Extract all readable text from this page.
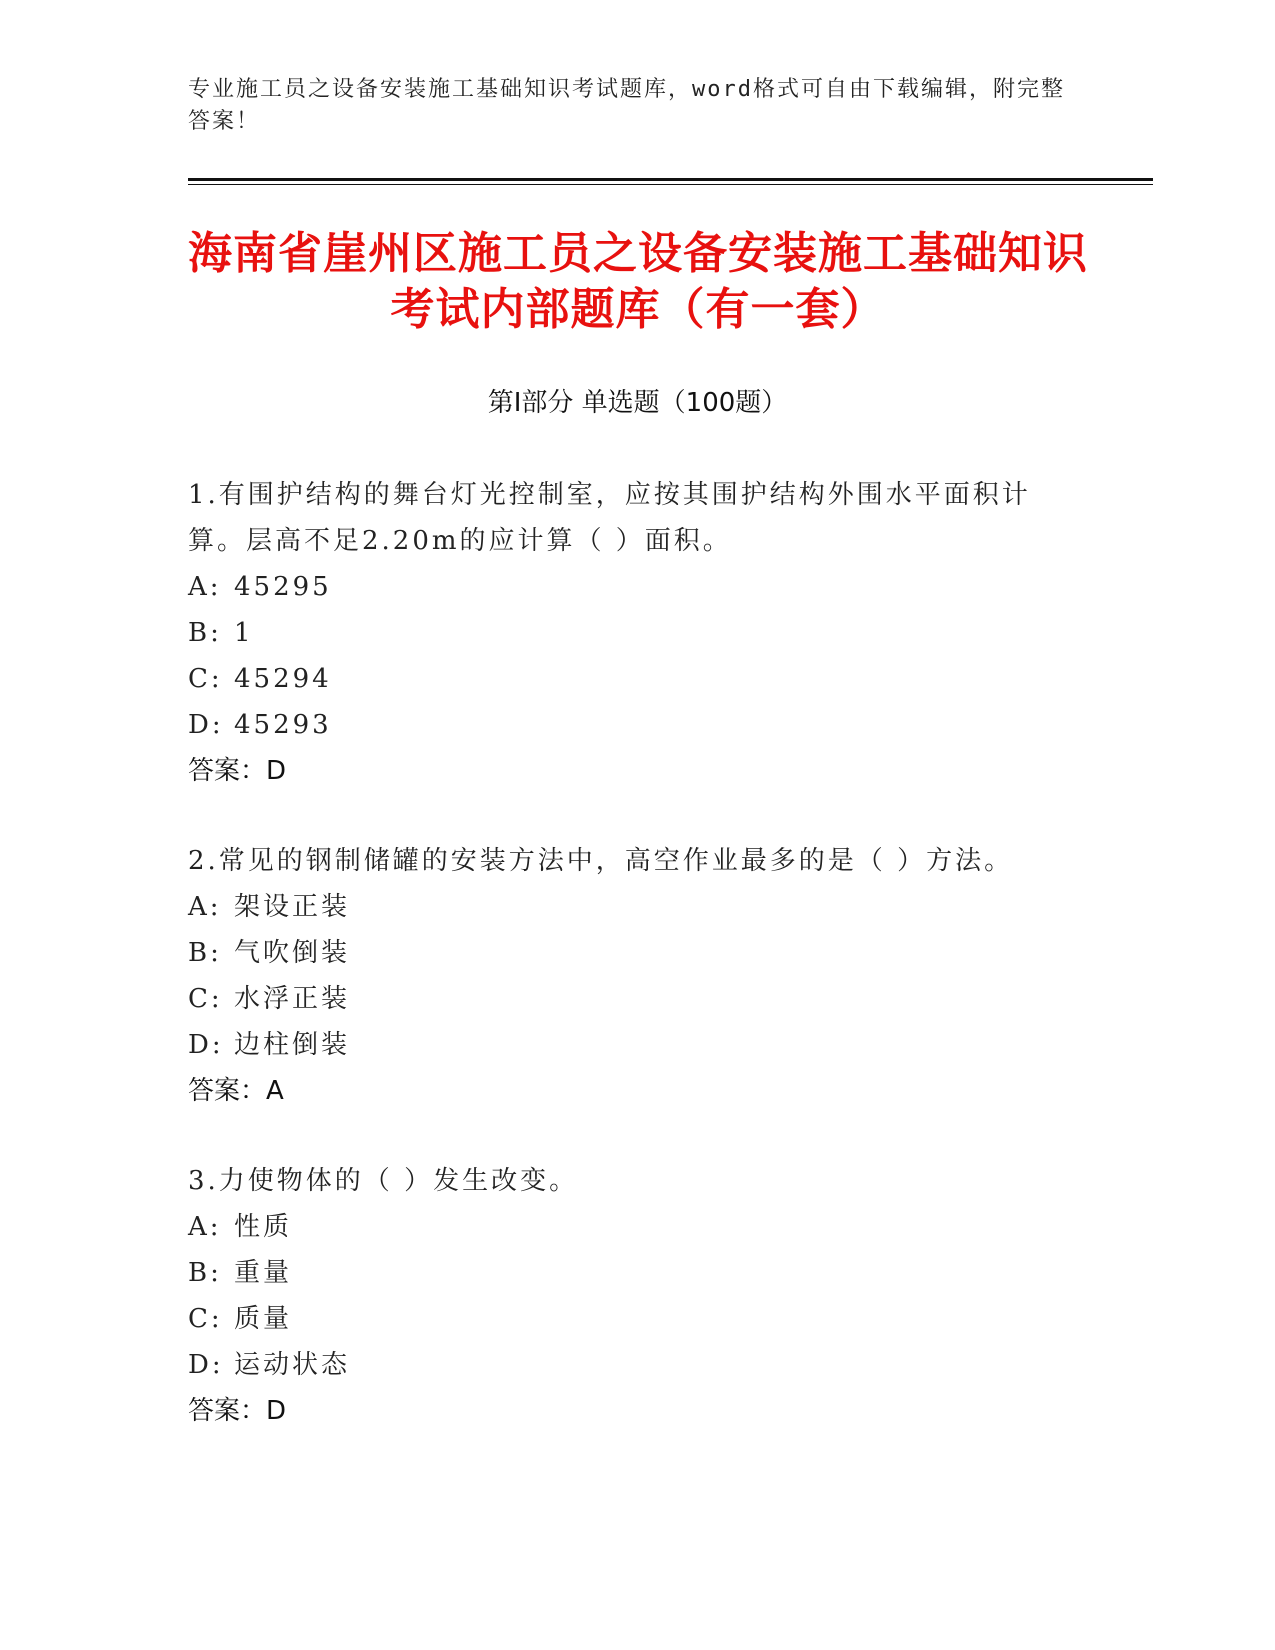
专业施工员之设备安装施工基础知识考试题库，word格式可自由下载编辑，附完整答案！
海南省崖州区施工员之设备安装施工基础知识考试内部题库（有一套）
第Ⅰ部分 单选题（100题）
1.有围护结构的舞台灯光控制室，应按其围护结构外围水平面积计算。层高不足2.20m的应计算（ ）面积。
A: 45295
B: 1
C: 45294
D: 45293
答案：D
2.常见的钢制储罐的安装方法中，高空作业最多的是（ ）方法。
A: 架设正装
B: 气吹倒装
C: 水浮正装
D: 边柱倒装
答案：A
3.力使物体的（ ）发生改变。
A: 性质
B: 重量
C: 质量
D: 运动状态
答案：D
